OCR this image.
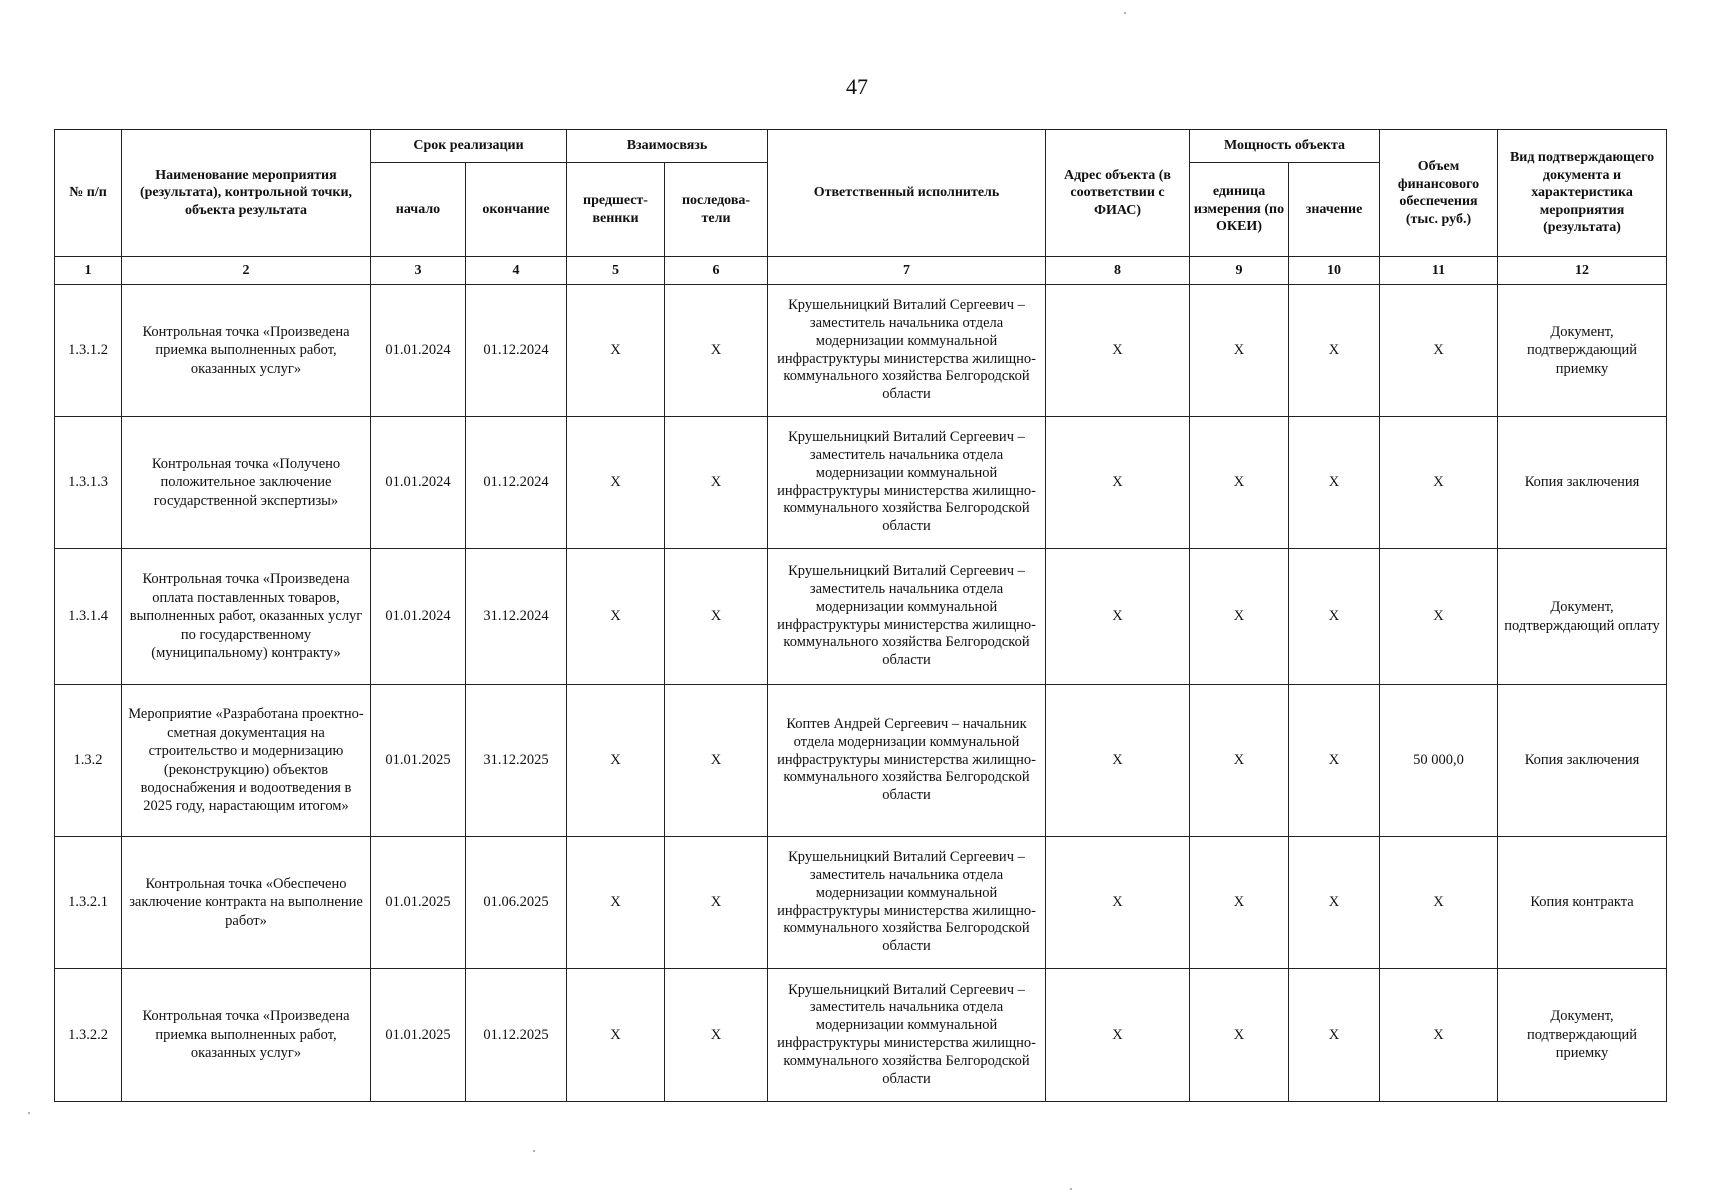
47
№ п/п	Наименование мероприятия (результата), контрольной точки, объекта результата	Срок реализации		Взаимосвязь		Ответственный исполнитель	Адрес объекта (в соответствии с ФИАС)	Мощность объекта		Объем финансового обеспечения (тыс. руб.)	Вид подтверждающего документа и характеристика мероприятия (результата)
		начало	окончание	предшест-веннки	последова-тели			единица измерения (по ОКЕИ)	значение		
1	2	3	4	5	6	7	8	9	10	11	12
1.3.1.2	Контрольная точка «Произведена приемка выполненных работ, оказанных услуг»	01.01.2024	01.12.2024	X	X	Крушельницкий Виталий Сергеевич – заместитель начальника отдела модернизации коммунальной инфраструктуры министерства жилищно-коммунального хозяйства Белгородской области	X	X	X	X	Документ, подтверждающий приемку
1.3.1.3	Контрольная точка «Получено положительное заключение государственной экспертизы»	01.01.2024	01.12.2024	X	X	Крушельницкий Виталий Сергеевич – заместитель начальника отдела модернизации коммунальной инфраструктуры министерства жилищно-коммунального хозяйства Белгородской области	X	X	X	X	Копия заключения
1.3.1.4	Контрольная точка «Произведена оплата поставленных товаров, выполненных работ, оказанных услуг по государственному (муниципальному) контракту»	01.01.2024	31.12.2024	X	X	Крушельницкий Виталий Сергеевич – заместитель начальника отдела модернизации коммунальной инфраструктуры министерства жилищно-коммунального хозяйства Белгородской области	X	X	X	X	Документ, подтверждающий оплату
1.3.2	Мероприятие «Разработана проектно-сметная документация на строительство и модернизацию (реконструкцию) объектов водоснабжения и водоотведения в 2025 году, нарастающим итогом»	01.01.2025	31.12.2025	X	X	Коптев Андрей Сергеевич – начальник отдела модернизации коммунальной инфраструктуры министерства жилищно-коммунального хозяйства Белгородской области	X	X	X	50 000,0	Копия заключения
1.3.2.1	Контрольная точка «Обеспечено заключение контракта на выполнение работ»	01.01.2025	01.06.2025	X	X	Крушельницкий Виталий Сергеевич – заместитель начальника отдела модернизации коммунальной инфраструктуры министерства жилищно-коммунального хозяйства Белгородской области	X	X	X	X	Копия контракта
1.3.2.2	Контрольная точка «Произведена приемка выполненных работ, оказанных услуг»	01.01.2025	01.12.2025	X	X	Крушельницкий Виталий Сергеевич – заместитель начальника отдела модернизации коммунальной инфраструктуры министерства жилищно-коммунального хозяйства Белгородской области	X	X	X	X	Документ, подтверждающий приемку
